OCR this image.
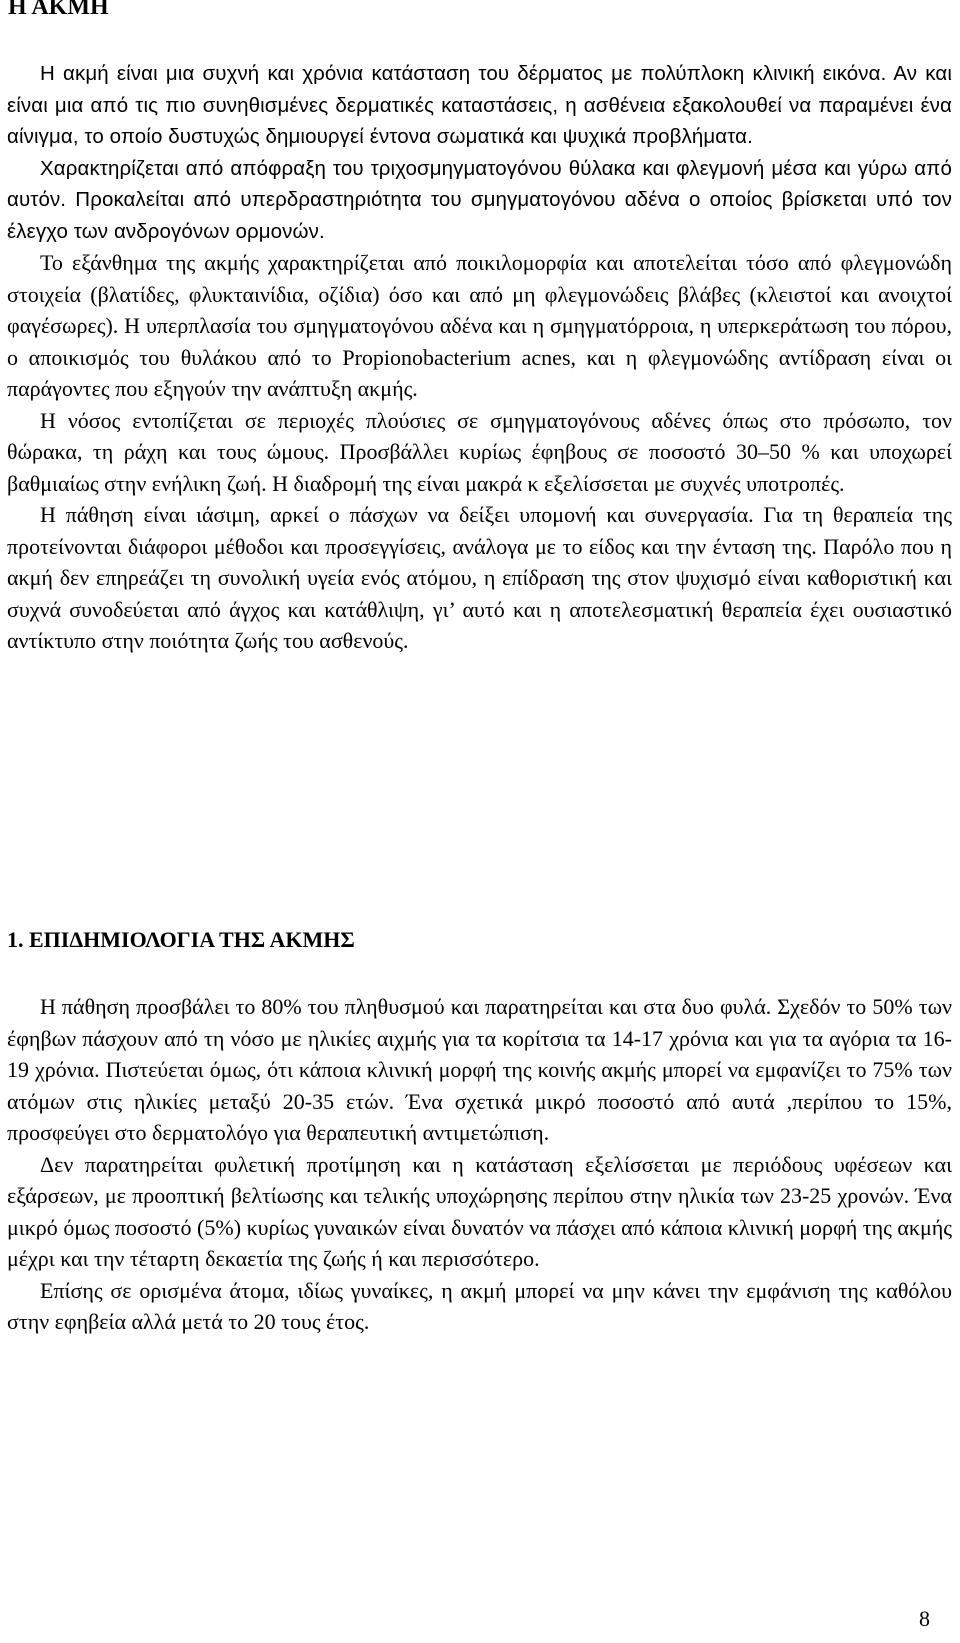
Η ΑΚΜΗ

Η ακμή είναι μια συχνή και χρόνια κατάσταση του δέρματος με πολύπλοκη κλινική εικόνα. Αν και είναι μια από τις πιο συνηθισμένες δερματικές καταστάσεις, η ασθένεια εξακολουθεί να παραμένει ένα αίνιγμα, το οποίο δυστυχώς δημιουργεί έντονα σωματικά και ψυχικά προβλήματα.

Χαρακτηρίζεται από απόφραξη του τριχοσμηγματογόνου θύλακα και φλεγμονή μέσα και γύρω από αυτόν. Προκαλείται από υπερδραστηριότητα του σμηγματογόνου αδένα ο οποίος βρίσκεται υπό τον έλεγχο των ανδρογόνων ορμονών.

Το εξάνθημα της ακμής χαρακτηρίζεται από ποικιλομορφία και αποτελείται τόσο από φλεγμονώδη στοιχεία (βλατίδες, φλυκταινίδια, οζίδια) όσο και από μη φλεγμονώδεις βλάβες (κλειστοί και ανοιχτοί φαγέσωρες). Η υπερπλασία του σμηγματογόνου αδένα και η σμηγματόρροια, η υπερκεράτωση του πόρου, ο αποικισμός του θυλάκου από το Propionobacterium acnes, και η φλεγμονώδης αντίδραση είναι οι παράγοντες που εξηγούν την ανάπτυξη ακμής.

Η νόσος εντοπίζεται σε περιοχές πλούσιες σε σμηγματογόνους αδένες όπως στο πρόσωπο, τον θώρακα, τη ράχη και τους ώμους. Προσβάλλει κυρίως έφηβους σε ποσοστό 30–50 % και υποχωρεί βαθμιαίως στην ενήλικη ζωή. Η διαδρομή της είναι μακρά κ εξελίσσεται με συχνές υποτροπές.

Η πάθηση είναι ιάσιμη, αρκεί ο πάσχων να δείξει υπομονή και συνεργασία. Για τη θεραπεία της προτείνονται διάφοροι μέθοδοι και προσεγγίσεις, ανάλογα με το είδος και την ένταση της. Παρόλο που η ακμή δεν επηρεάζει τη συνολική υγεία ενός ατόμου, η επίδραση της στον ψυχισμό είναι καθοριστική και συχνά συνοδεύεται από άγχος και κατάθλιψη, γι’ αυτό και η αποτελεσματική θεραπεία έχει ουσιαστικό αντίκτυπο στην ποιότητα ζωής του ασθενούς.

1. ΕΠΙΔΗΜΙΟΛΟΓΙΑ ΤΗΣ ΑΚΜΗΣ

Η πάθηση προσβάλει το 80% του πληθυσμού και παρατηρείται και στα δυο φυλά. Σχεδόν το 50% των έφηβων πάσχουν από τη νόσο με ηλικίες αιχμής για τα κορίτσια τα 14-17 χρόνια και για τα αγόρια τα 16-19 χρόνια. Πιστεύεται όμως, ότι κάποια κλινική μορφή της κοινής ακμής μπορεί να εμφανίζει το 75% των ατόμων στις ηλικίες μεταξύ 20-35 ετών. Ένα σχετικά μικρό ποσοστό από αυτά ,περίπου το 15%, προσφεύγει στο δερματολόγο για θεραπευτική αντιμετώπιση.

Δεν παρατηρείται φυλετική προτίμηση και η κατάσταση εξελίσσεται με περιόδους υφέσεων και εξάρσεων, με προοπτική βελτίωσης και τελικής υποχώρησης περίπου στην ηλικία των 23-25 χρονών. Ένα μικρό όμως ποσοστό (5%) κυρίως γυναικών είναι δυνατόν να πάσχει από κάποια κλινική μορφή της ακμής μέχρι και την τέταρτη δεκαετία της ζωής ή και περισσότερο.

Επίσης σε ορισμένα άτομα, ιδίως γυναίκες, η ακμή μπορεί να μην κάνει την εμφάνιση της καθόλου στην εφηβεία αλλά μετά το 20 τους έτος.

8
